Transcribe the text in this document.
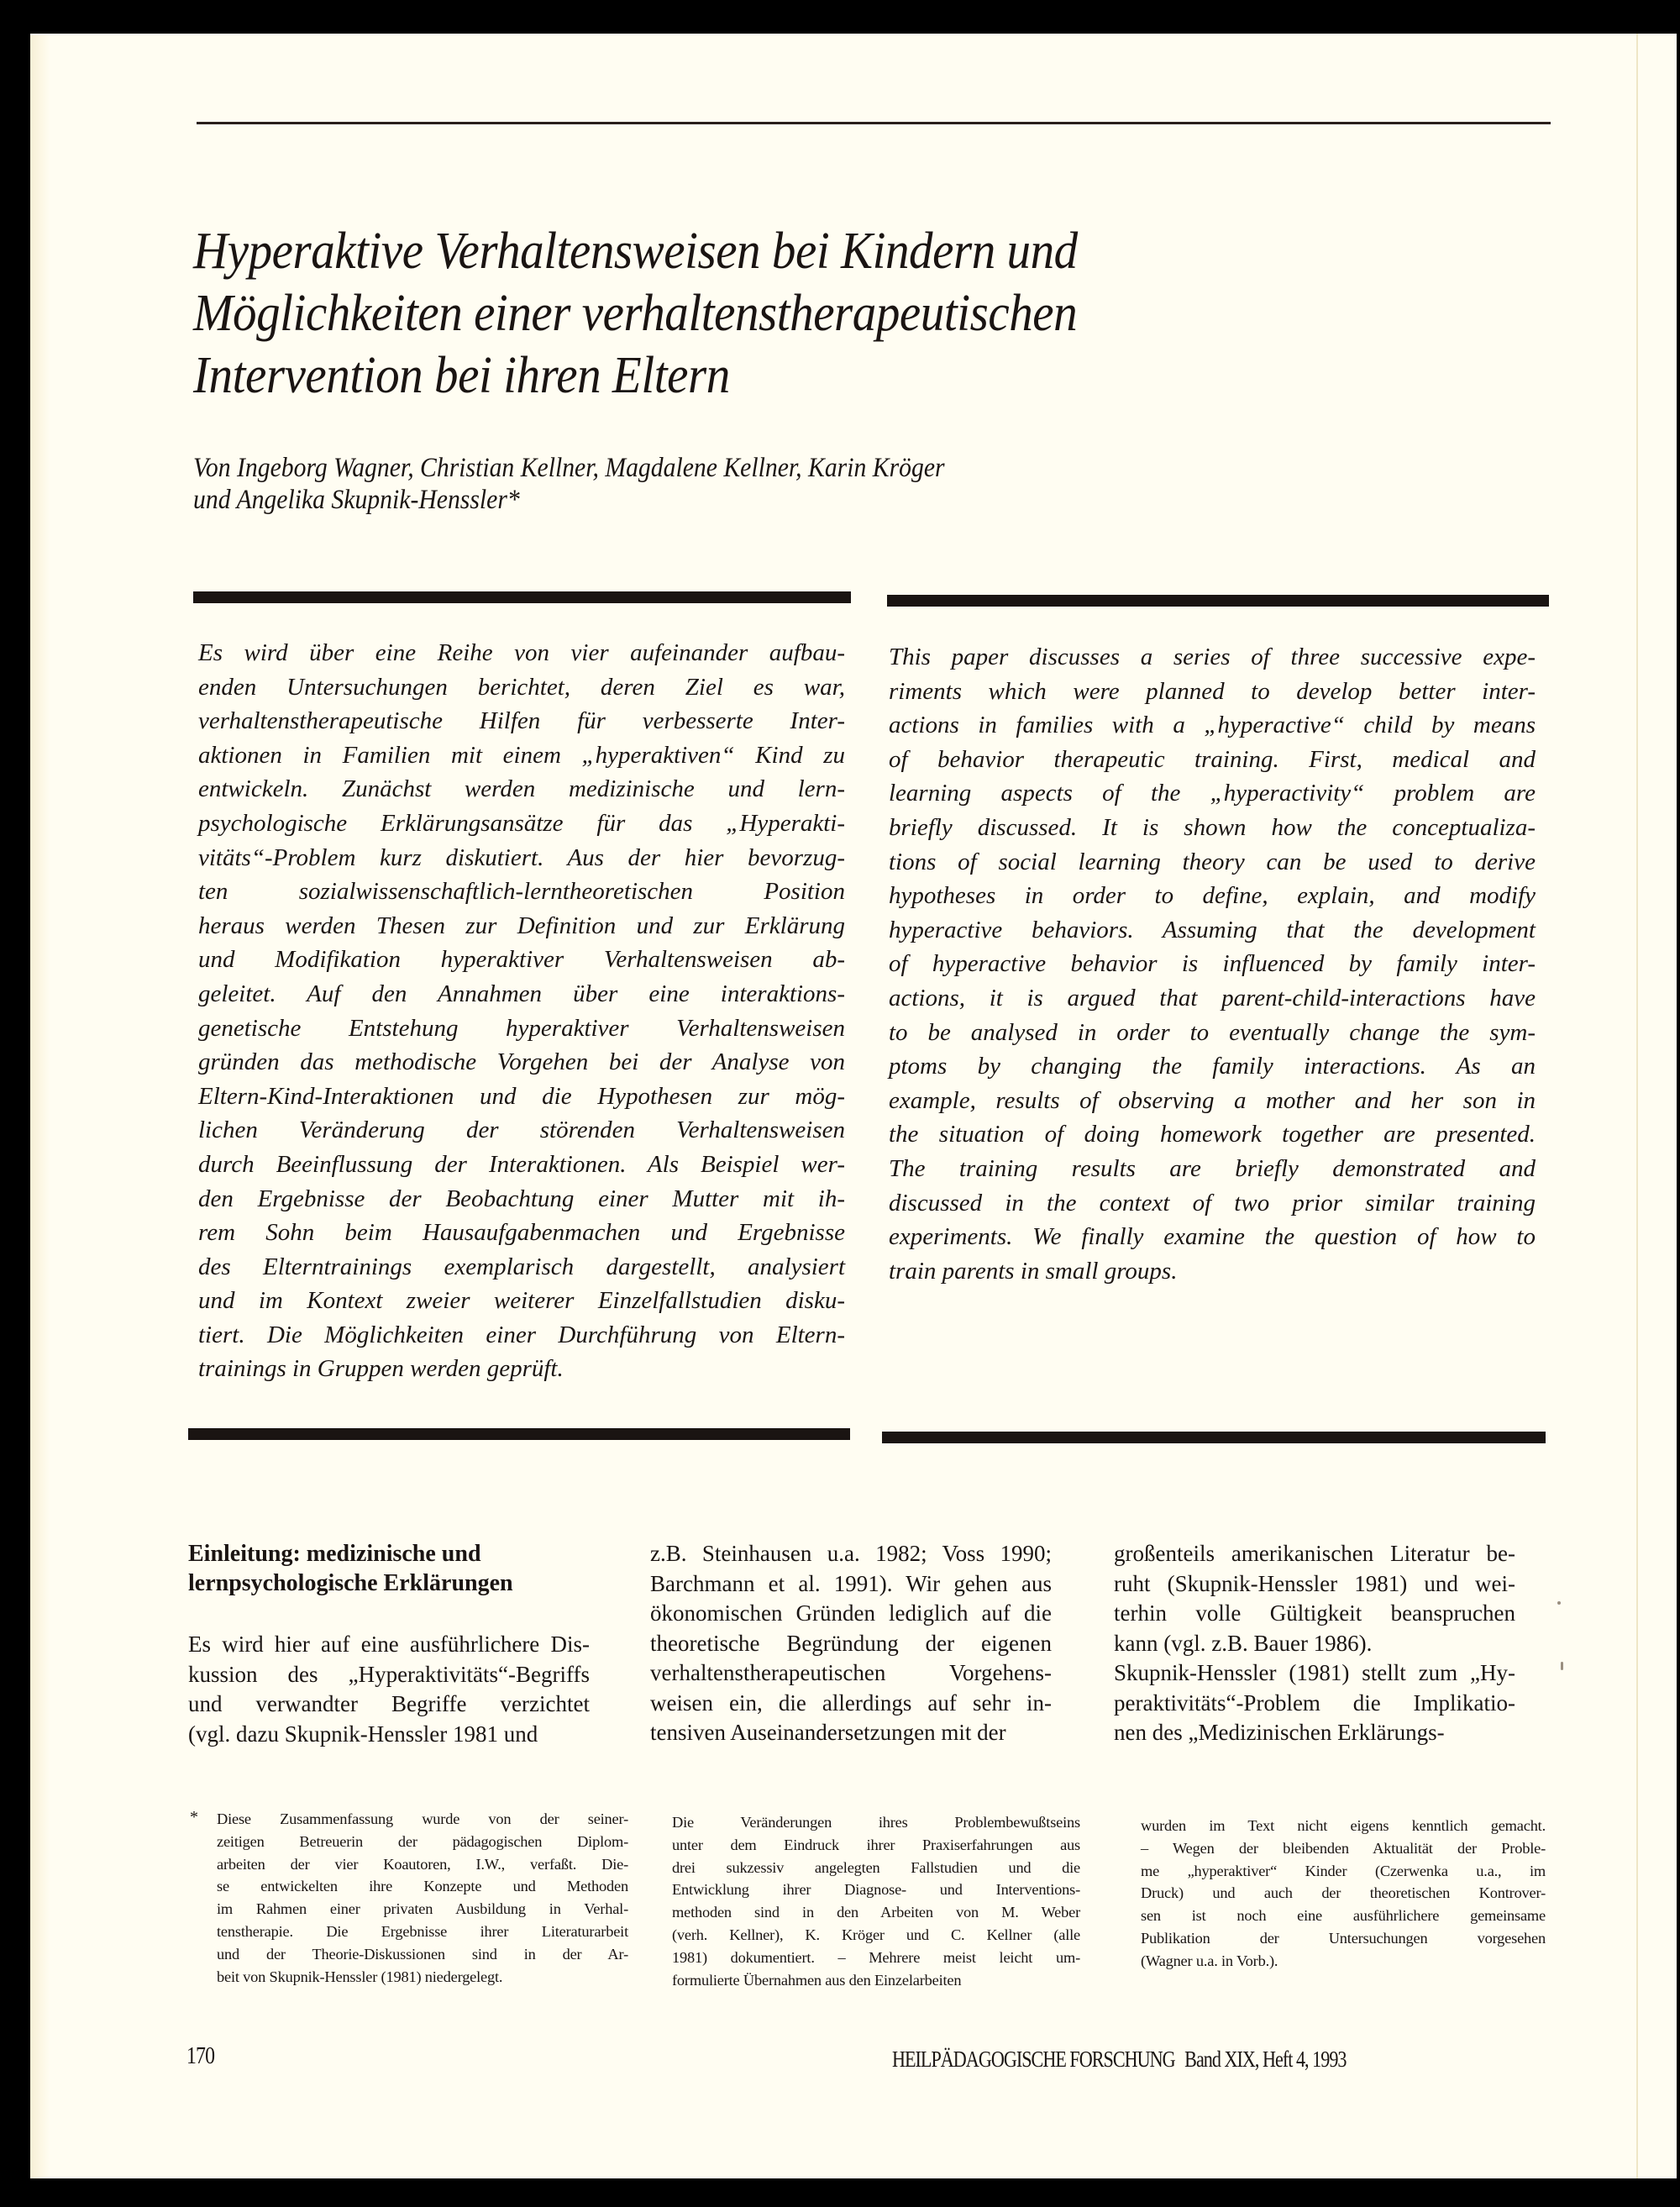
Hyperaktive Verhaltensweisen bei Kindern und
Möglichkeiten einer verhaltenstherapeutischen
Intervention bei ihren Eltern
Von Ingeborg Wagner, Christian Kellner, Magdalene Kellner, Karin Kröger
und Angelika Skupnik-Henssler*
Es wird über eine Reihe von vier aufeinander aufbau-
enden Untersuchungen berichtet, deren Ziel es war,
verhaltenstherapeutische Hilfen für verbesserte Inter-
aktionen in Familien mit einem „hyperaktiven“ Kind zu
entwickeln. Zunächst werden medizinische und lern-
psychologische Erklärungsansätze für das „Hyperakti-
vitäts“-Problem kurz diskutiert. Aus der hier bevorzug-
ten sozialwissenschaftlich-lerntheoretischen Position
heraus werden Thesen zur Definition und zur Erklärung
und Modifikation hyperaktiver Verhaltensweisen ab-
geleitet. Auf den Annahmen über eine interaktions-
genetische Entstehung hyperaktiver Verhaltensweisen
gründen das methodische Vorgehen bei der Analyse von
Eltern-Kind-Interaktionen und die Hypothesen zur mög-
lichen Veränderung der störenden Verhaltensweisen
durch Beeinflussung der Interaktionen. Als Beispiel wer-
den Ergebnisse der Beobachtung einer Mutter mit ih-
rem Sohn beim Hausaufgabenmachen und Ergebnisse
des Elterntrainings exemplarisch dargestellt, analysiert
und im Kontext zweier weiterer Einzelfallstudien disku-
tiert. Die Möglichkeiten einer Durchführung von Eltern-
trainings in Gruppen werden geprüft.
This paper discusses a series of three successive expe-
riments which were planned to develop better inter-
actions in families with a „hyperactive“ child by means
of behavior therapeutic training. First, medical and
learning aspects of the „hyperactivity“ problem are
briefly discussed. It is shown how the conceptualiza-
tions of social learning theory can be used to derive
hypotheses in order to define, explain, and modify
hyperactive behaviors. Assuming that the development
of hyperactive behavior is influenced by family inter-
actions, it is argued that parent-child-interactions have
to be analysed in order to eventually change the sym-
ptoms by changing the family interactions. As an
example, results of observing a mother and her son in
the situation of doing homework together are presented.
The training results are briefly demonstrated and
discussed in the context of two prior similar training
experiments. We finally examine the question of how to
train parents in small groups.
Einleitung: medizinische und
lernpsychologische Erklärungen
Es wird hier auf eine ausführlichere Dis-
kussion des „Hyperaktivitäts“-Begriffs
und verwandter Begriffe verzichtet
(vgl. dazu Skupnik-Henssler 1981 und
z.B. Steinhausen u.a. 1982; Voss 1990;
Barchmann et al. 1991). Wir gehen aus
ökonomischen Gründen lediglich auf die
theoretische Begründung der eigenen
verhaltenstherapeutischen Vorgehens-
weisen ein, die allerdings auf sehr in-
tensiven Auseinandersetzungen mit der
großenteils amerikanischen Literatur be-
ruht (Skupnik-Henssler 1981) und wei-
terhin volle Gültigkeit beanspruchen
kann (vgl. z.B. Bauer 1986).
Skupnik-Henssler (1981) stellt zum „Hy-
peraktivitäts“-Problem die Implikatio-
nen des „Medizinischen Erklärungs-
* Diese Zusammenfassung wurde von der seiner-
zeitigen Betreuerin der pädagogischen Diplom-
arbeiten der vier Koautoren, I.W., verfaßt. Die-
se entwickelten ihre Konzepte und Methoden
im Rahmen einer privaten Ausbildung in Verhal-
tenstherapie. Die Ergebnisse ihrer Literaturarbeit
und der Theorie-Diskussionen sind in der Ar-
beit von Skupnik-Henssler (1981) niedergelegt.
Die Veränderungen ihres Problembewußtseins
unter dem Eindruck ihrer Praxiserfahrungen aus
drei sukzessiv angelegten Fallstudien und die
Entwicklung ihrer Diagnose- und Interventions-
methoden sind in den Arbeiten von M. Weber
(verh. Kellner), K. Kröger und C. Kellner (alle
1981) dokumentiert. – Mehrere meist leicht um-
formulierte Übernahmen aus den Einzelarbeiten
wurden im Text nicht eigens kenntlich gemacht.
– Wegen der bleibenden Aktualität der Proble-
me „hyperaktiver“ Kinder (Czerwenka u.a., im
Druck) und auch der theoretischen Kontrover-
sen ist noch eine ausführlichere gemeinsame
Publikation der Untersuchungen vorgesehen
(Wagner u.a. in Vorb.).
170	HEILPÄDAGOGISCHE FORSCHUNG Band XIX, Heft 4, 1993
